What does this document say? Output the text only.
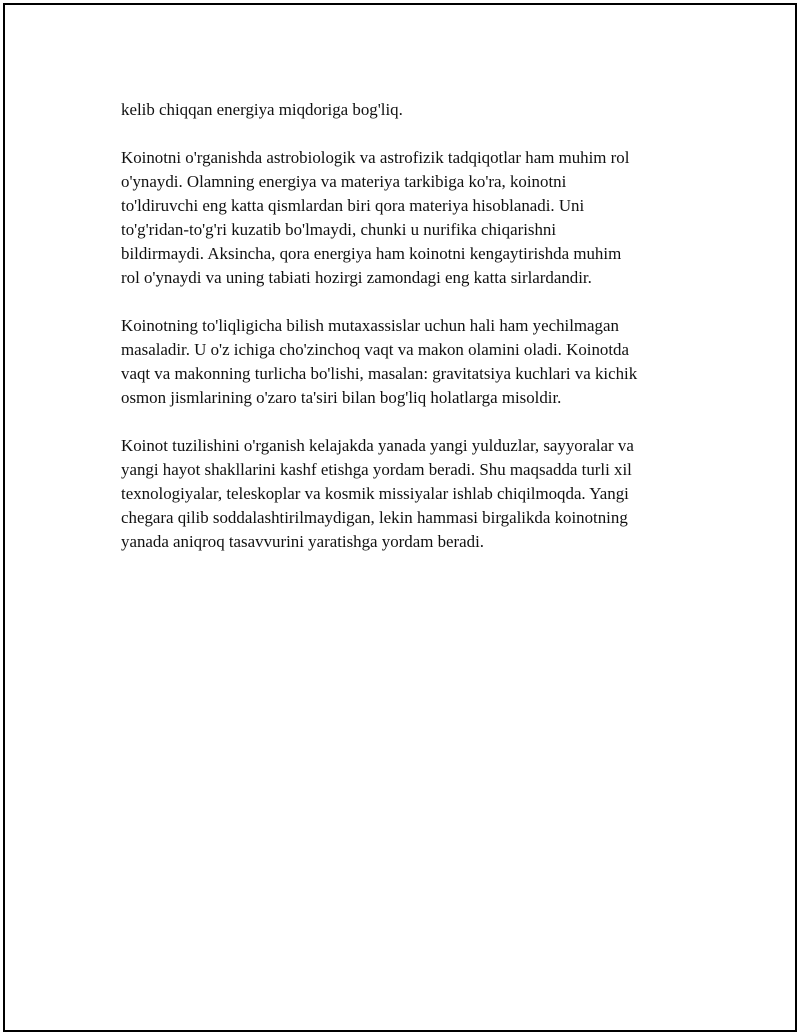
kelib chiqqan energiya miqdoriga bog'liq.
Koinotni o'rganishda astrobiologik va astrofizik tadqiqotlar ham muhim rol
o'ynaydi. Olamning energiya va materiya tarkibiga ko'ra, koinotni
to'ldiruvchi eng katta qismlardan biri qora materiya hisoblanadi. Uni
to'g'ridan-to'g'ri kuzatib bo'lmaydi, chunki u nurifika chiqarishni
bildirmaydi. Aksincha, qora energiya ham koinotni kengaytirishda muhim
rol o'ynaydi va uning tabiati hozirgi zamondagi eng katta sirlardandir.
Koinotning to'liqligicha bilish mutaxassislar uchun hali ham yechilmagan
masaladir. U o'z ichiga cho'zinchoq vaqt va makon olamini oladi. Koinotda
vaqt va makonning turlicha bo'lishi, masalan: gravitatsiya kuchlari va kichik
osmon jismlarining o'zaro ta'siri bilan bog'liq holatlarga misoldir.
Koinot tuzilishini o'rganish kelajakda yanada yangi yulduzlar, sayyoralar va
yangi hayot shakllarini kashf etishga yordam beradi. Shu maqsadda turli xil
texnologiyalar, teleskoplar va kosmik missiyalar ishlab chiqilmoqda. Yangi
chegara qilib soddalashtirilmaydigan, lekin hammasi birgalikda koinotning
yanada aniqroq tasavvurini yaratishga yordam beradi.
